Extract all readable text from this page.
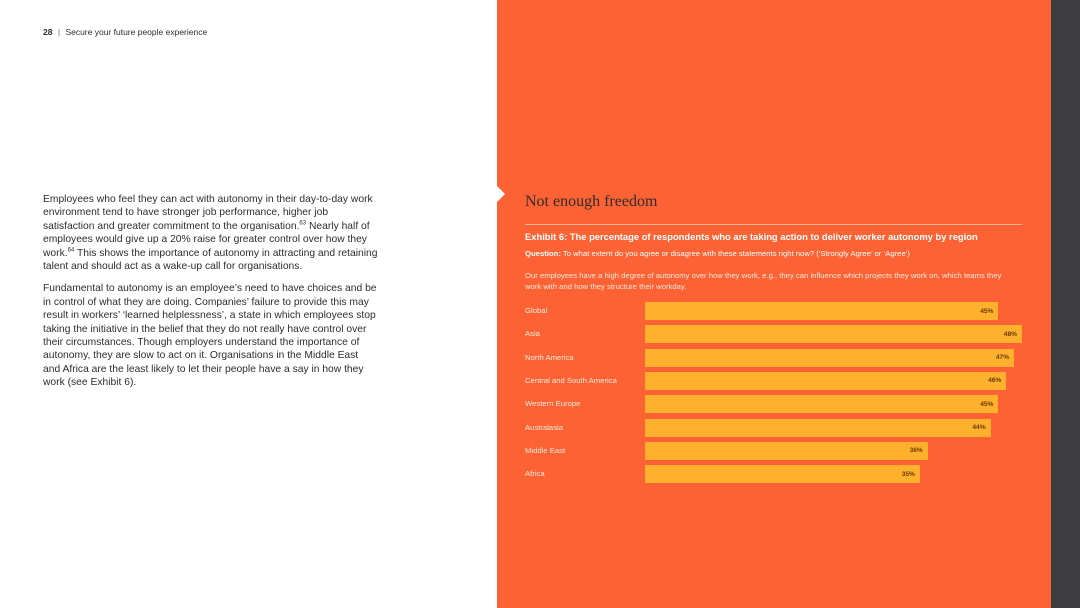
28 | Secure your future people experience

Employees who feel they can act with autonomy in their day-to-day work environment tend to have stronger job performance, higher job satisfaction and greater commitment to the organisation.$^{63}$ Nearly half of employees would give up a 20% raise for greater control over how they work.$^{64}$ This shows the importance of autonomy in attracting and retaining talent and should act as a wake-up call for organisations.

Fundamental to autonomy is an employee’s need to have choices and be in control of what they are doing. Companies’ failure to provide this may result in workers’ ‘learned helplessness’, a state in which employees stop taking the initiative in the belief that they do not really have control over their circumstances. Though employers understand the importance of autonomy, they are slow to act on it. Organisations in the Middle East and Africa are the least likely to let their people have a say in how they work (see Exhibit 6).

Not enough freedom
Exhibit 6: The percentage of respondents who are taking action to deliver worker autonomy by region
Question: To what extent do you agree or disagree with these statements right now? (‘Strongly Agree’ or ‘Agree’)
Our employees have a high degree of autonomy over how they work, e.g., they can influence which projects they work on, which teams they work with and how they structure their workday.
Global	45%
Asia	48%
North America	47%
Central and South America	46%
Western Europe	45%
Australasia	44%
Middle East	36%
Africa	35%
